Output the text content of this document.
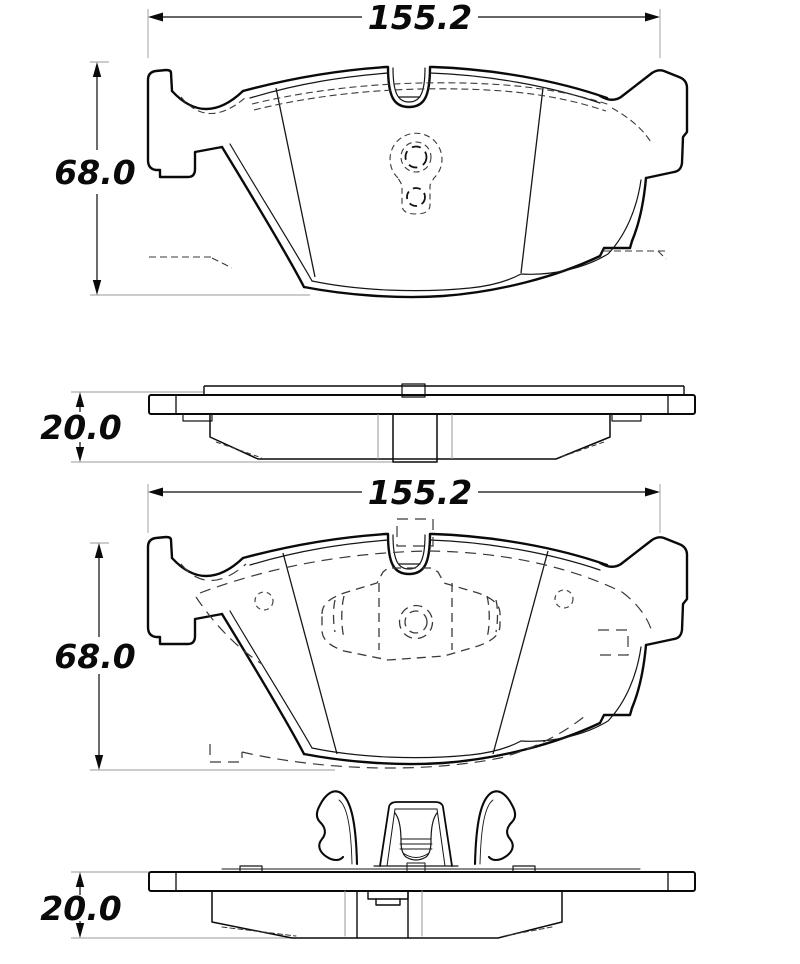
155.2
68.0
20.0
155.2
68.0
20.0
